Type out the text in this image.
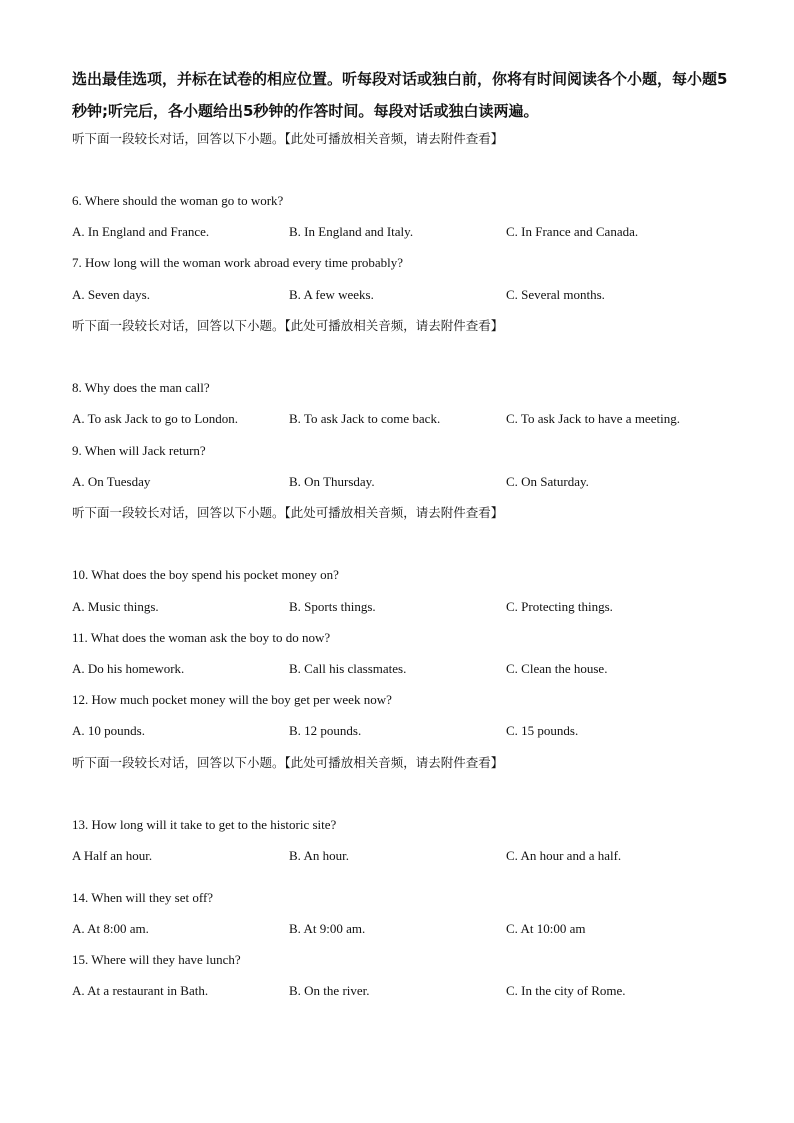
选出最佳选项，并标在试卷的相应位置。听每段对话或独白前，你将有时间阅读各个小题，每小题5秒钟;听完后，各小题给出5秒钟的作答时间。每段对话或独白读两遍。

听下面一段较长对话，回答以下小题。【此处可播放相关音频，请去附件查看】
6. Where should the woman go to work?
A. In England and France.	B. In England and Italy.	C. In France and Canada.
7. How long will the woman work abroad every time probably?
A. Seven days.	B. A few weeks.	C. Several months.
听下面一段较长对话，回答以下小题。【此处可播放相关音频，请去附件查看】
8. Why does the man call?
A. To ask Jack to go to London.	B. To ask Jack to come back.	C. To ask Jack to have a meeting.
9. When will Jack return?
A. On Tuesday	B. On Thursday.	C. On Saturday.
听下面一段较长对话，回答以下小题。【此处可播放相关音频，请去附件查看】
10. What does the boy spend his pocket money on?
A. Music things.	B. Sports things.	C. Protecting things.
11. What does the woman ask the boy to do now?
A. Do his homework.	B. Call his classmates.	C. Clean the house.
12. How much pocket money will the boy get per week now?
A. 10 pounds.	B. 12 pounds.	C. 15 pounds.
听下面一段较长对话，回答以下小题。【此处可播放相关音频，请去附件查看】
13. How long will it take to get to the historic site?
A Half an hour.	B. An hour.	C. An hour and a half.
14. When will they set off?
A. At 8:00 am.	B. At 9:00 am.	C. At 10:00 am
15. Where will they have lunch?
A. At a restaurant in Bath.	B. On the river.	C. In the city of Rome.
